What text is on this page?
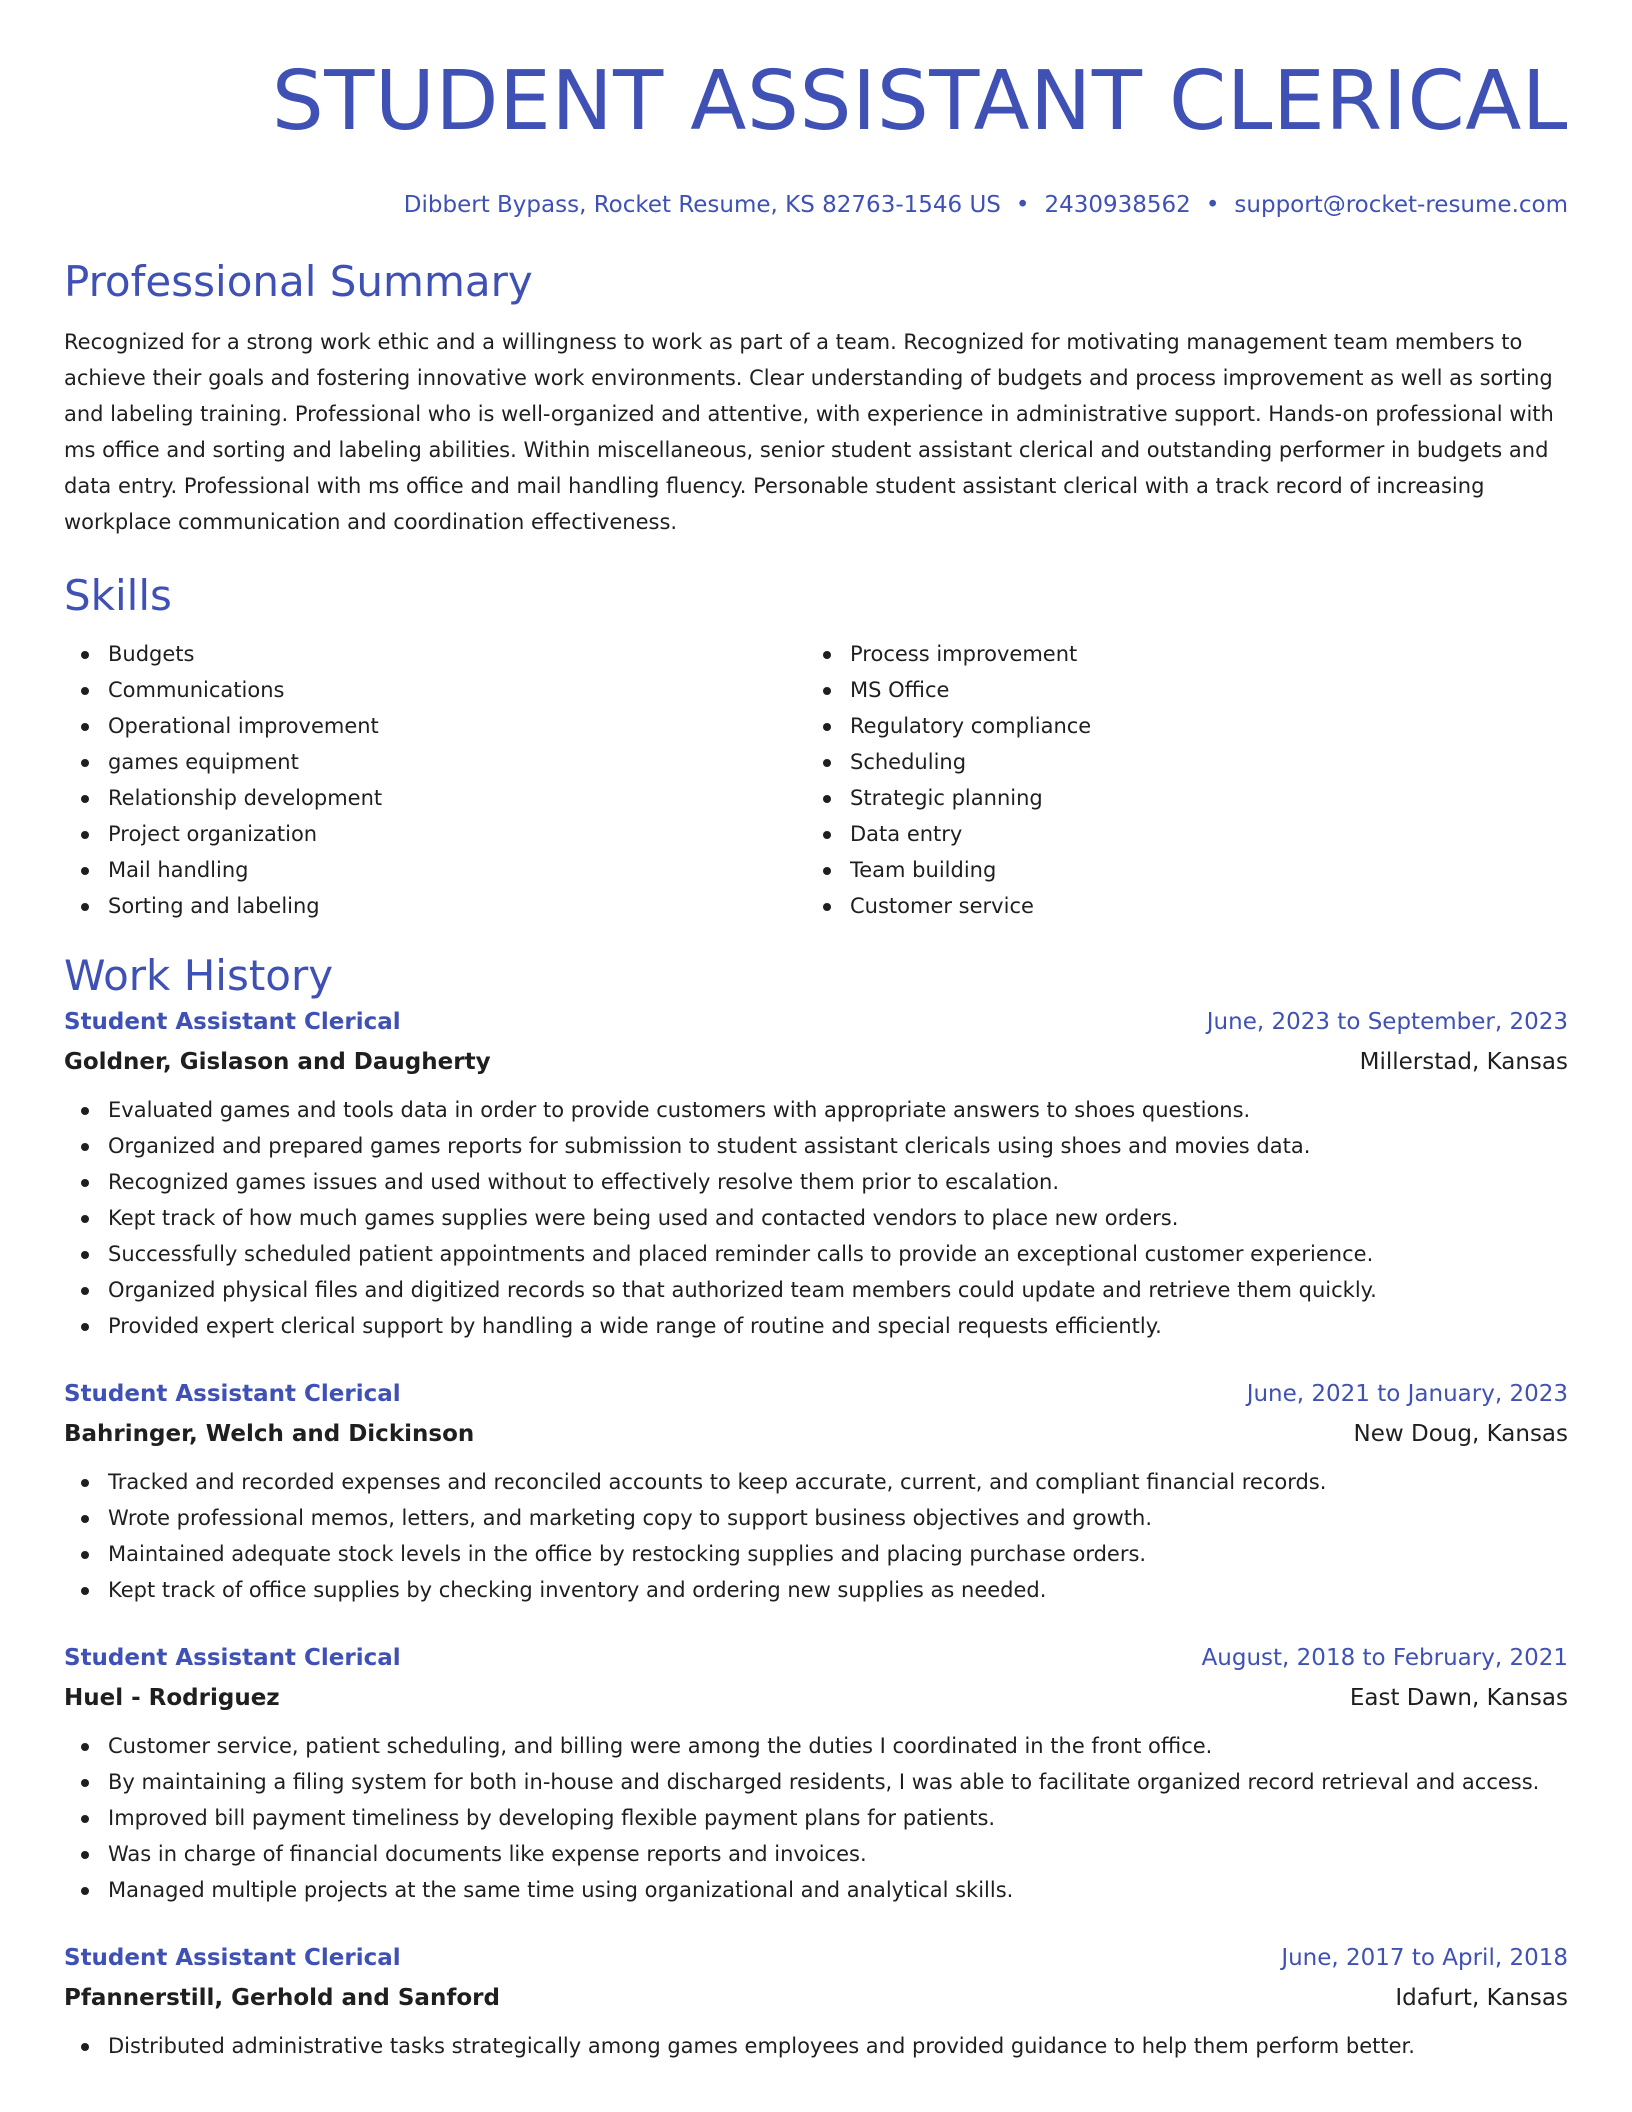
STUDENT ASSISTANT CLERICAL
Dibbert Bypass, Rocket Resume, KS 82763-1546 US • 2430938562 • support@rocket-resume.com
Professional Summary

Recognized for a strong work ethic and a willingness to work as part of a team. Recognized for motivating management team members to achieve their goals and fostering innovative work environments. Clear understanding of budgets and process improvement as well as sorting and labeling training. Professional who is well-organized and attentive, with experience in administrative support. Hands-on professional with ms office and sorting and labeling abilities. Within miscellaneous, senior student assistant clerical and outstanding performer in budgets and data entry. Professional with ms office and mail handling fluency. Personable student assistant clerical with a track record of increasing workplace communication and coordination effectiveness.

Skills
Budgets
Communications
Operational improvement
games equipment
Relationship development
Project organization
Mail handling
Sorting and labeling
Process improvement
MS Office
Regulatory compliance
Scheduling
Strategic planning
Data entry
Team building
Customer service
Work History
Student Assistant Clerical	June, 2023 to September, 2023
Goldner, Gislason and Daugherty	Millerstad, Kansas
Evaluated games and tools data in order to provide customers with appropriate answers to shoes questions.
Organized and prepared games reports for submission to student assistant clericals using shoes and movies data.
Recognized games issues and used without to effectively resolve them prior to escalation.
Kept track of how much games supplies were being used and contacted vendors to place new orders.
Successfully scheduled patient appointments and placed reminder calls to provide an exceptional customer experience.
Organized physical files and digitized records so that authorized team members could update and retrieve them quickly.
Provided expert clerical support by handling a wide range of routine and special requests efficiently.
Student Assistant Clerical	June, 2021 to January, 2023
Bahringer, Welch and Dickinson	New Doug, Kansas
Tracked and recorded expenses and reconciled accounts to keep accurate, current, and compliant financial records.
Wrote professional memos, letters, and marketing copy to support business objectives and growth.
Maintained adequate stock levels in the office by restocking supplies and placing purchase orders.
Kept track of office supplies by checking inventory and ordering new supplies as needed.
Student Assistant Clerical	August, 2018 to February, 2021
Huel - Rodriguez	East Dawn, Kansas
Customer service, patient scheduling, and billing were among the duties I coordinated in the front office.
By maintaining a filing system for both in-house and discharged residents, I was able to facilitate organized record retrieval and access.
Improved bill payment timeliness by developing flexible payment plans for patients.
Was in charge of financial documents like expense reports and invoices.
Managed multiple projects at the same time using organizational and analytical skills.
Student Assistant Clerical	June, 2017 to April, 2018
Pfannerstill, Gerhold and Sanford	Idafurt, Kansas
Distributed administrative tasks strategically among games employees and provided guidance to help them perform better.
